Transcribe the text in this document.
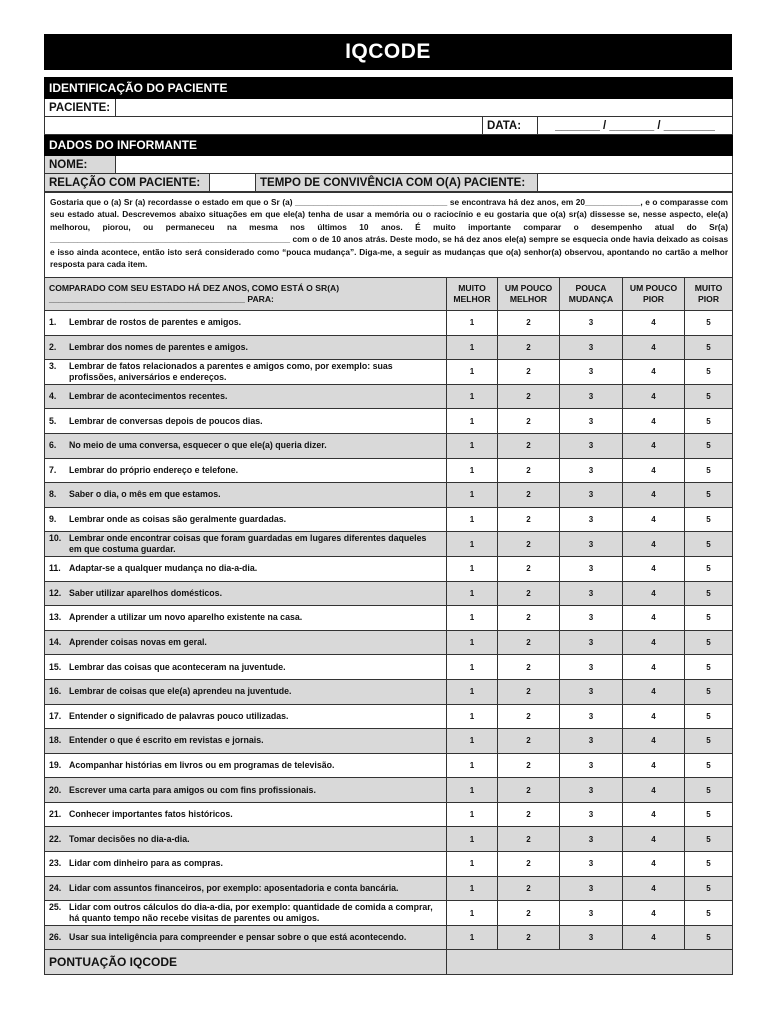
IQCODE
IDENTIFICAÇÃO DO PACIENTE					
PACIENTE:					
				DATA:	_______ / _______ / ________
DADOS DO INFORMANTE					
NOME:					
RELAÇÃO COM PACIENTE:			TEMPO DE CONVIVÊNCIA COM O(A) PACIENTE:		
Gostaria que o (a) Sr (a) recordasse o estado em que o Sr (a) _________________________________ se encontrava há dez anos, em 20____________, e o comparasse com seu estado atual. Descrevemos abaixo situações em que ele(a) tenha de usar a memória ou o raciocínio e eu gostaria que o(a) sr(a) dissesse se, nesse aspecto, ele(a) melhorou, piorou, ou permaneceu na mesma nos últimos 10 anos. É muito importante comparar o desempenho atual do Sr(a) ____________________________________________________ com o de 10 anos atrás. Deste modo, se há dez anos ele(a) sempre se esquecia onde havia deixado as coisas e isso ainda acontece, então isto será considerado como “pouca mudança”. Diga-me, a seguir as mudanças que o(a) senhor(a) observou, apontando no cartão a melhor resposta para cada item.					
COMPARADO COM SEU ESTADO HÁ DEZ ANOS, COMO ESTÁ O SR(A)
_________________________________________ PARA:	MUITO MELHOR	UM POUCO MELHOR	POUCA MUDANÇA	UM POUCO PIOR	MUITO PIOR
1. Lembrar de rostos de parentes e amigos.	1	2	3	4	5
2. Lembrar dos nomes de parentes e amigos.	1	2	3	4	5
3. Lembrar de fatos relacionados a parentes e amigos como, por exemplo: suas profissões, aniversários e endereços.	1	2	3	4	5
4. Lembrar de acontecimentos recentes.	1	2	3	4	5
5. Lembrar de conversas depois de poucos dias.	1	2	3	4	5
6. No meio de uma conversa, esquecer o que ele(a) queria dizer.	1	2	3	4	5
7. Lembrar do próprio endereço e telefone.	1	2	3	4	5
8. Saber o dia, o mês em que estamos.	1	2	3	4	5
9. Lembrar onde as coisas são geralmente guardadas.	1	2	3	4	5
10. Lembrar onde encontrar coisas que foram guardadas em lugares diferentes daqueles em que costuma guardar.	1	2	3	4	5
11. Adaptar-se a qualquer mudança no dia-a-dia.	1	2	3	4	5
12. Saber utilizar aparelhos domésticos.	1	2	3	4	5
13. Aprender a utilizar um novo aparelho existente na casa.	1	2	3	4	5
14. Aprender coisas novas em geral.	1	2	3	4	5
15. Lembrar das coisas que aconteceram na juventude.	1	2	3	4	5
16. Lembrar de coisas que ele(a) aprendeu na juventude.	1	2	3	4	5
17. Entender o significado de palavras pouco utilizadas.	1	2	3	4	5
18. Entender o que é escrito em revistas e jornais.	1	2	3	4	5
19. Acompanhar histórias em livros ou em programas de televisão.	1	2	3	4	5
20. Escrever uma carta para amigos ou com fins profissionais.	1	2	3	4	5
21. Conhecer importantes fatos históricos.	1	2	3	4	5
22. Tomar decisões no dia-a-dia.	1	2	3	4	5
23. Lidar com dinheiro para as compras.	1	2	3	4	5
24. Lidar com assuntos financeiros, por exemplo: aposentadoria e conta bancária.	1	2	3	4	5
25. Lidar com outros cálculos do dia-a-dia, por exemplo: quantidade de comida a comprar, há quanto tempo não recebe visitas de parentes ou amigos.	1	2	3	4	5
26. Usar sua inteligência para compreender e pensar sobre o que está acontecendo.	1	2	3	4	5
PONTUAÇÃO IQCODE					
